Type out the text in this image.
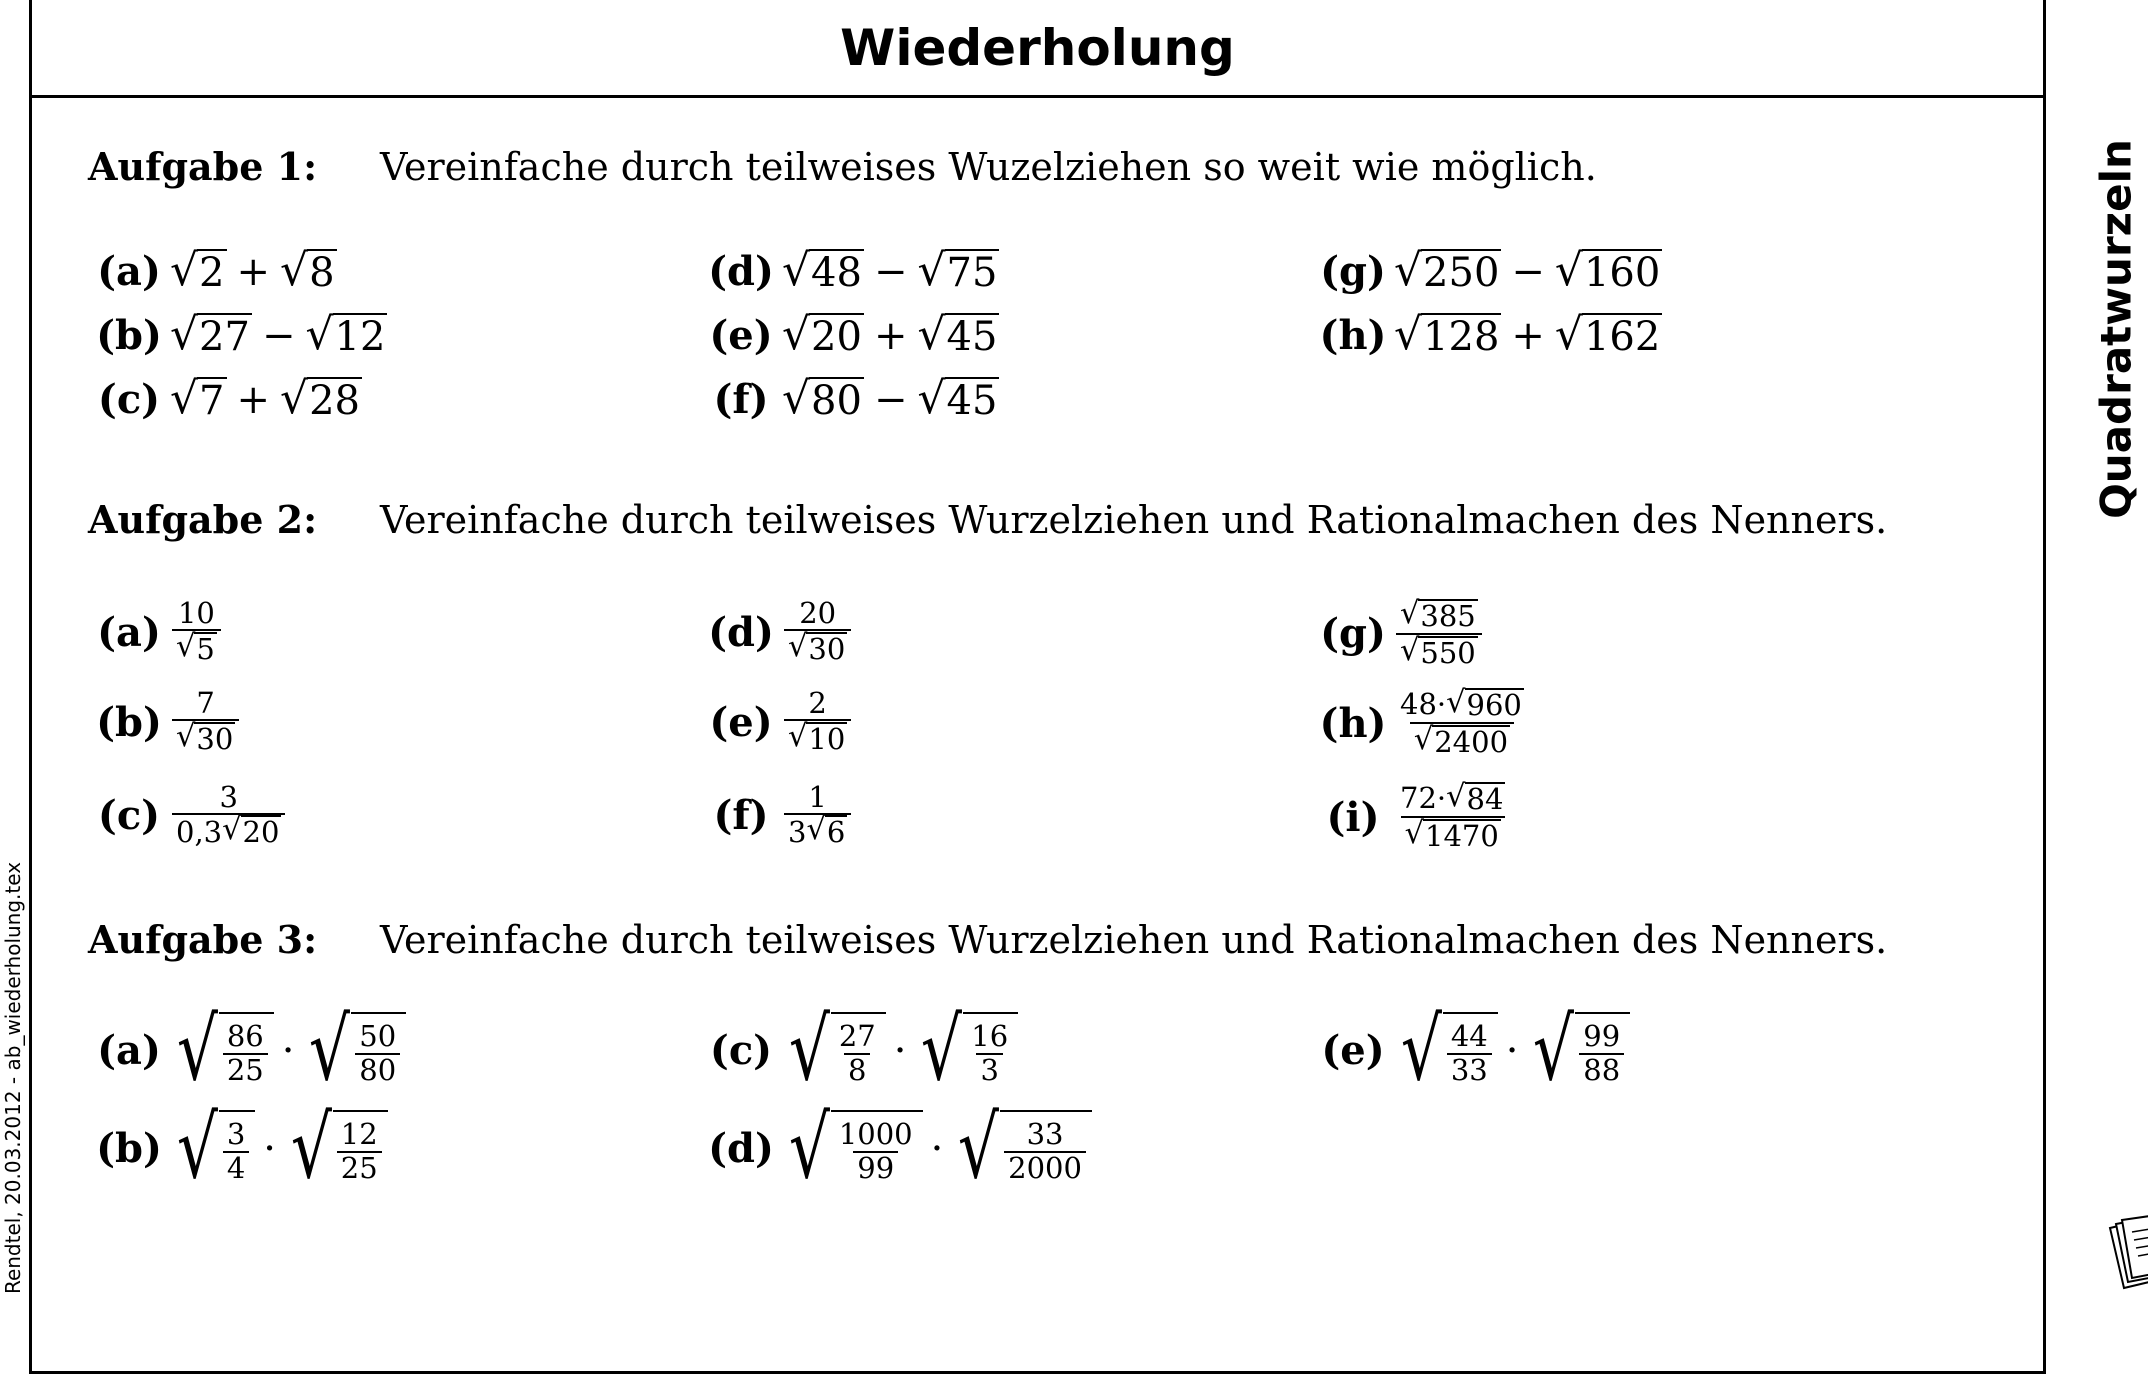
Wiederholung
Quadratwurzeln
Rendtel, 20.03.2012 - ab_wiederholung.tex
Aufgabe 1: Vereinfache durch teilweises Wuzelziehen so weit wie möglich.
(a) √ 2 + √ 8
(b) √ 27 − √ 12
(c) √ 7 + √ 28
(d) √ 48 − √ 75
(e) √ 20 + √ 45
(f) √ 80 − √ 45
(g) √ 250 − √ 160
(h) √ 128 + √ 162
Aufgabe 2: Vereinfache durch teilweises Wurzelziehen und Rationalmachen des Nenners.
$(a) \frac{10}{√ 5}$
$(b) \frac{7}{√ 30}$
$(c) \frac{3}{0,3 √ 20}$
$(d) \frac{20}{√ 30}$
$(e) \frac{2}{√ 10}$
$(f) \frac{1}{3 √ 6}$
$(g) \frac{√ 385}{√ 550}$
$(h) \frac{48\cdot √ 960}{√ 2400}$
$(i) \frac{72\cdot √ 84}{√ 1470}$
Aufgabe 3: Vereinfache durch teilweises Wurzelziehen und Rationalmachen des Nenners.
(a) √ $\frac{86}{25}$ · √ $\frac{50}{80}$
(b) √ $\frac{3}{4}$ · √ $\frac{12}{25}$
(c) √ $\frac{27}{8}$ · √ $\frac{16}{3}$
(d) √ $\frac{1000}{99}$ · √ $\frac{33}{2000}$
(e) √ $\frac{44}{33}$ · √ $\frac{99}{88}$
